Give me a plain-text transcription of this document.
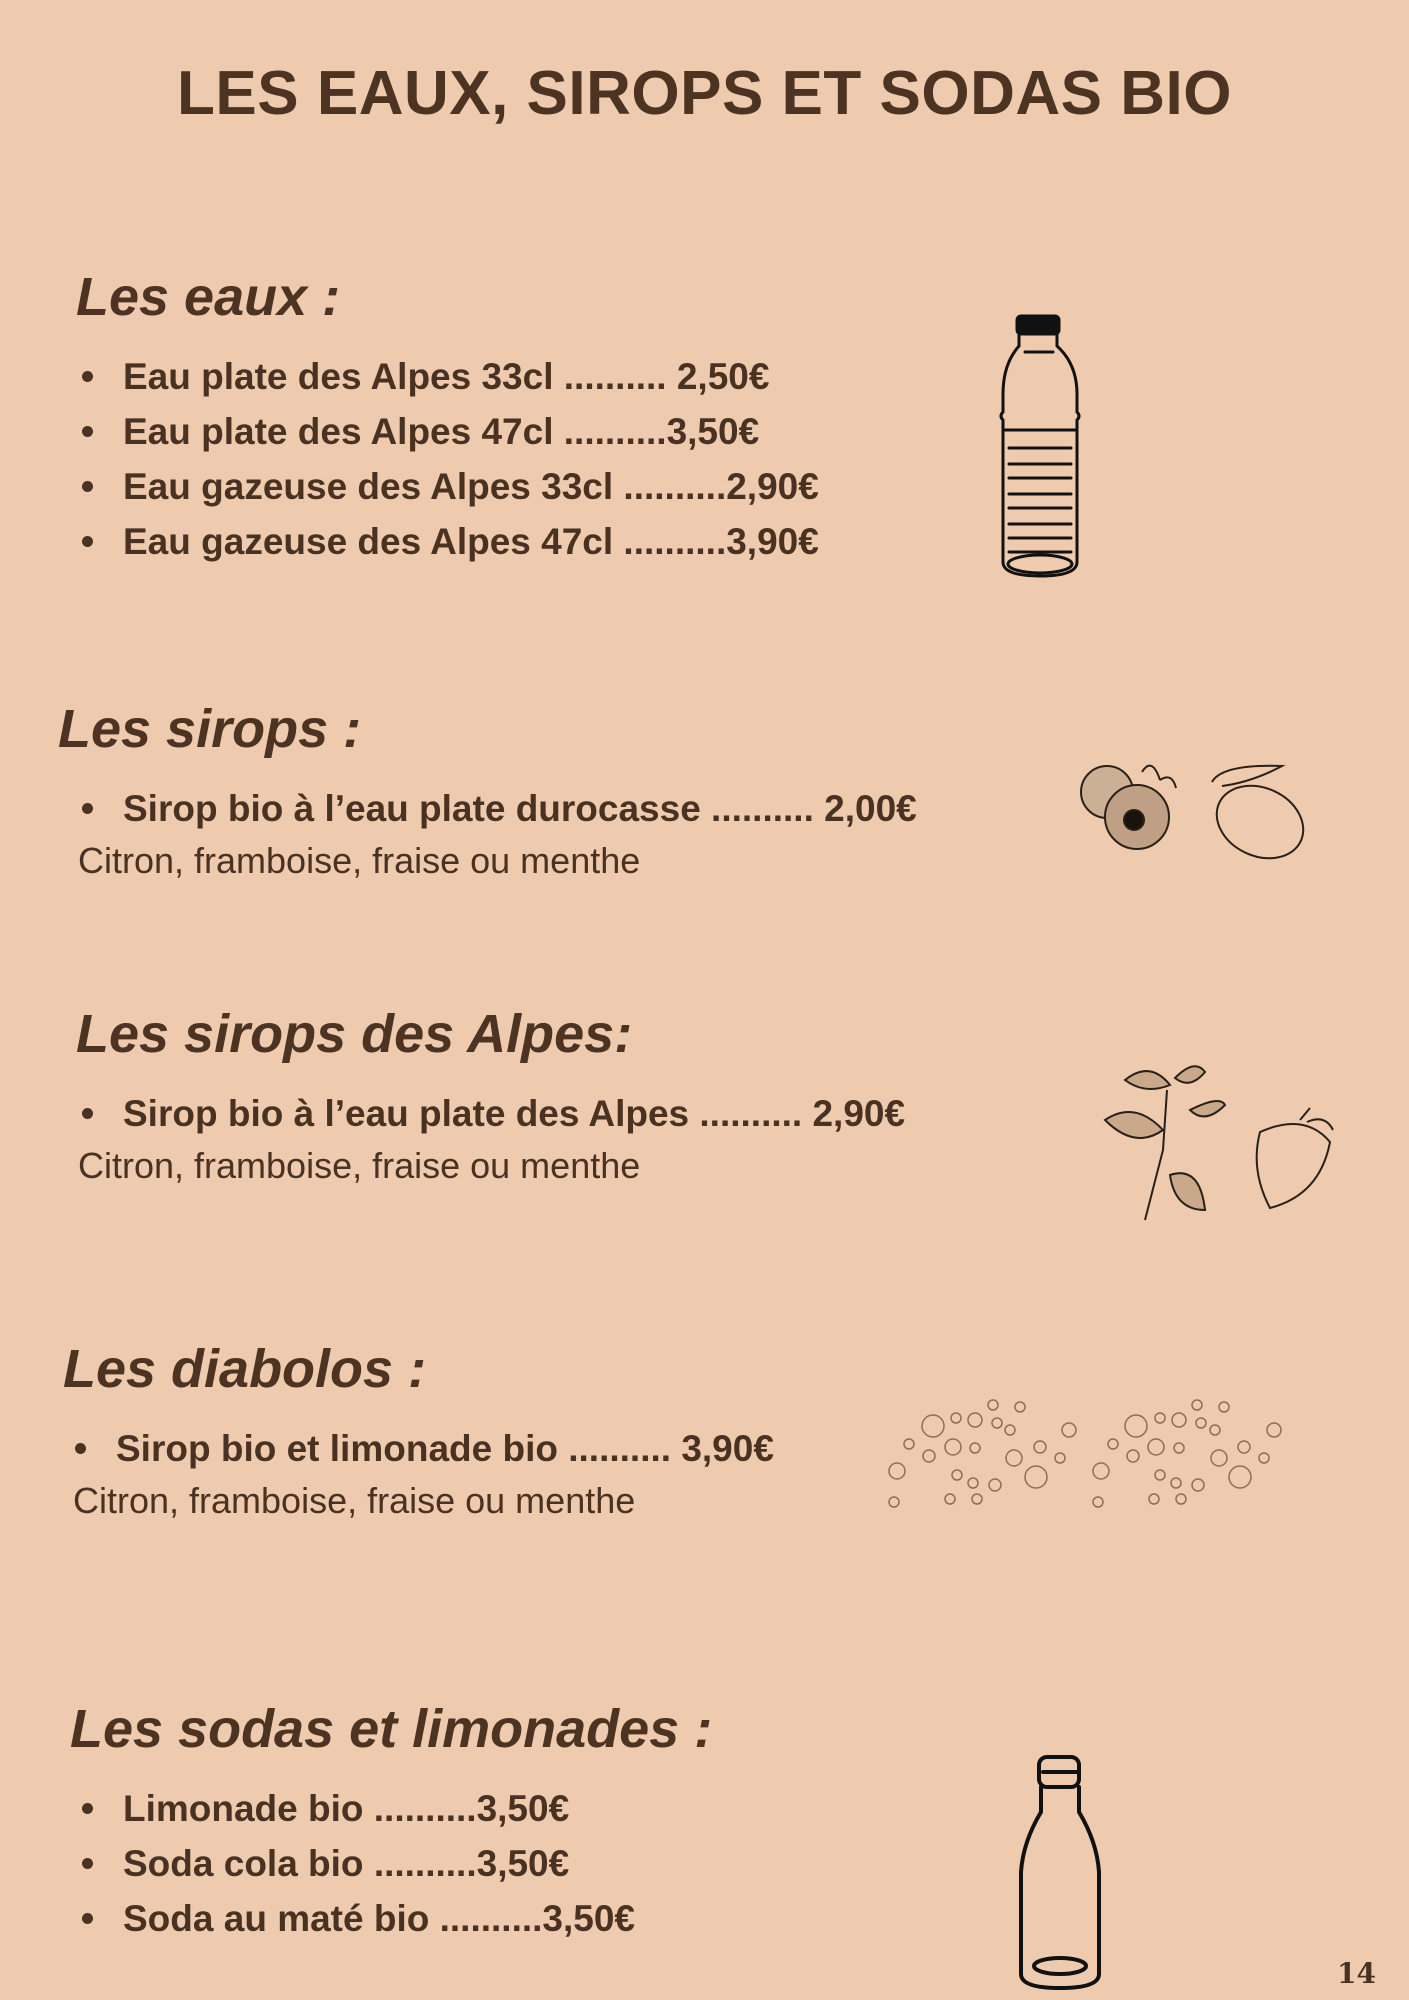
LES EAUX, SIROPS ET SODAS BIO
Les eaux :
Eau plate des Alpes 33cl .......... 2,50€
Eau plate des Alpes 47cl ..........3,50€
Eau gazeuse des Alpes 33cl ..........2,90€
Eau gazeuse des Alpes 47cl ..........3,90€
Les sirops :
Sirop bio à l’eau plate durocasse .......... 2,00€
Citron, framboise, fraise ou menthe
Les sirops des Alpes:
Sirop bio à l’eau plate des Alpes .......... 2,90€
Citron, framboise, fraise ou menthe
Les diabolos :
Sirop bio et limonade bio .......... 3,90€
Citron, framboise, fraise ou menthe
Les sodas et limonades :
Limonade bio ..........3,50€
Soda cola bio ..........3,50€
Soda au maté bio ..........3,50€
14
